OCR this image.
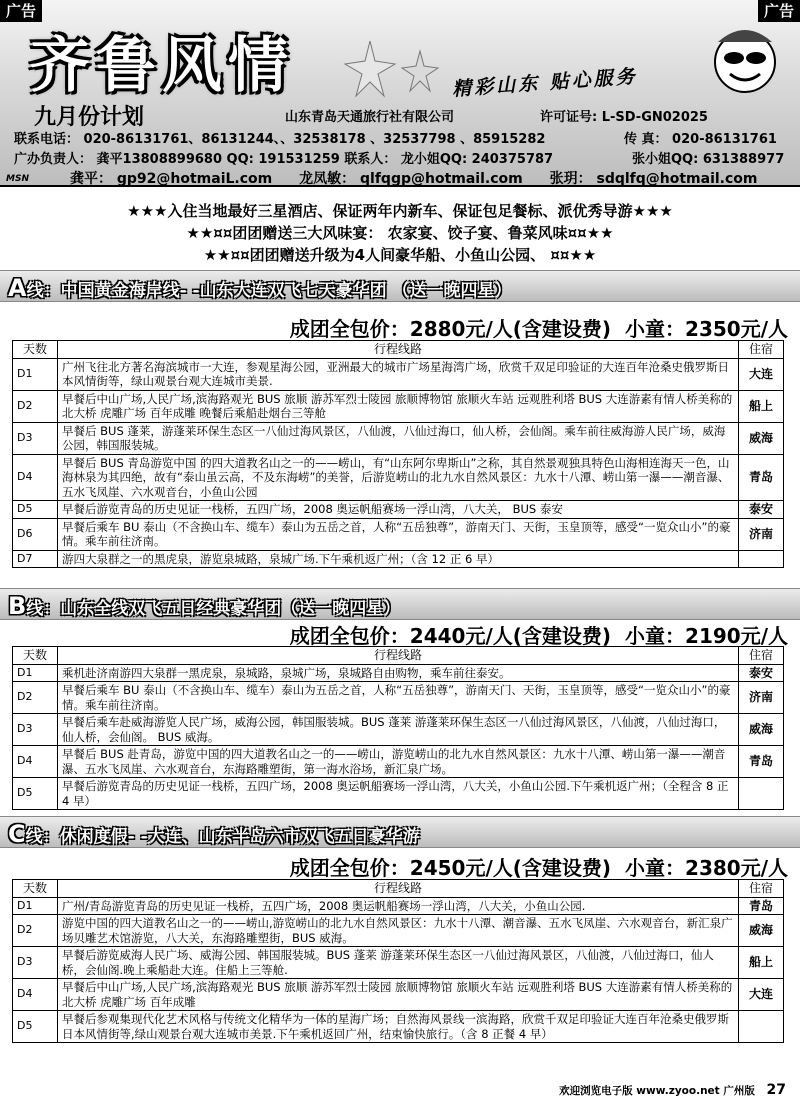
齐鲁风情	精彩山东 贴心服务
九月份计划	山东青岛天通旅行社有限公司	许可证号: L-SD-GN02025
联系电话： 020-86131761、86131244、、32538178 、32537798 、85915282	传 真： 020-86131761
广办负责人： 龚平13808899680 QQ: 191531259 联系人： 龙小姐QQ: 240375787	张小姐QQ: 631388977
龚平： gp92@hotmaiL.com 龙凤敏： qlfqgp@hotmail.com 张玥： sdqlfq@hotmail.com
MSN
广告	广告
★★★入住当地最好三星酒店、保证两年内新车、保证包足餐标、派优秀导游★★★
★★¤¤团团赠送三大风味宴： 农家宴、饺子宴、鲁菜风味¤¤★★
★★¤¤团团赠送升级为4人间豪华船、小鱼山公园、 ¤¤★★
A线：中国黄金海岸线- -山东大连双飞七天豪华团 （送一晚四星）
成团全包价：2880元/人(含建设费) 小童：2350元/人
天数	行程线路	住宿
D1	广州飞往北方著名海滨城市一大连，参观星海公园，亚洲最大的城市广场星海湾广场，欣赏千双足印验证的大连百年沧桑史俄罗斯日本风情街等，绿山观景台观大连城市美景.	大连
D2	早餐后中山广场,人民广场,滨海路观光 BUS 旅顺 游苏军烈士陵园 旅顺博物馆 旅顺火车站 远观胜利塔 BUS 大连游素有情人桥美称的北大桥 虎雕广场 百年成雕 晚餐后乘船赴烟台三等舱	船上
D3	早餐后 BUS 蓬莱，游蓬莱环保生态区一八仙过海风景区，八仙渡，八仙过海口，仙人桥，会仙阁。乘车前往威海游人民广场，威海公园，韩国服装城。	威海
D4	早餐后 BUS 青岛游览中国 的四大道教名山之一的——崂山，有“山东阿尔卑斯山”之称，其自然景观独具特色山海相连海天一色，山海林泉为其四绝，故有“泰山虽云高，不及东海崂”的美誉，后游览崂山的北九水自然风景区：九水十八潭、崂山第一瀑——潮音瀑、五水飞凤崖、六水观音台，小鱼山公园	青岛
D5	早餐后游览青岛的历史见证一栈桥，五四广场，2008 奥运帆船赛场一浮山湾，八大关， BUS 泰安	泰安
D6	早餐后乘车 BU 泰山（不含换山车、缆车）泰山为五岳之首，人称“五岳独尊”，游南天门、天街，玉皇顶等，感受“一览众山小”的豪情。乘车前往济南。	济南
D7	游四大泉群之一的黑虎泉，游览泉城路，泉城广场.下午乘机返广州；（含 12 正 6 早）	
B线：山东全线双飞五日经典豪华团（送一晚四星）
成团全包价：2440元/人(含建设费) 小童：2190元/人
天数	行程线路	住宿
D1	乘机赴济南游四大泉群一黑虎泉，泉城路，泉城广场，泉城路自由购物，乘车前往泰安。	泰安
D2	早餐后乘车 BU 泰山（不含换山车、缆车）泰山为五岳之首，人称“五岳独尊”，游南天门、天街，玉皇顶等，感受“一览众山小”的豪情。乘车前往济南。	济南
D3	早餐后乘车赴威海游览人民广场，威海公园，韩国服装城。BUS 蓬莱 游蓬莱环保生态区一八仙过海风景区，八仙渡，八仙过海口，仙人桥，会仙阁。 BUS 威海。	威海
D4	早餐后 BUS 赴青岛，游览中国的四大道教名山之一的——崂山，游览崂山的北九水自然风景区：九水十八潭、崂山第一瀑——潮音瀑、五水飞凤崖、六水观音台，东海路雕塑街，第一海水浴场，新汇泉广场。	青岛
D5	早餐后游览青岛的历史见证一栈桥，五四广场，2008 奥运帆船赛场一浮山湾，八大关，小鱼山公园.下午乘机返广州；（全程含 8 正 4 早）	
C线：休闲度假- -大连、山东半岛六市双飞五日豪华游
成团全包价：2450元/人(含建设费) 小童：2380元/人
天数	行程线路	住宿
D1	广州/青岛游览青岛的历史见证一栈桥，五四广场，2008 奥运帆船赛场一浮山湾，八大关，小鱼山公园.	青岛
D2	游览中国的四大道教名山之一的——崂山,游览崂山的北九水自然风景区：九水十八潭、潮音瀑、五水飞凤崖、六水观音台，新汇泉广场贝雕艺术馆游览，八大关，东海路雕塑街，BUS 威海。	威海
D3	早餐后游览威海人民广场、威海公园、韩国服装城。BUS 蓬莱 游蓬莱环保生态区一八仙过海风景区，八仙渡，八仙过海口，仙人桥，会仙阁.晚上乘船赴大连。住船上三等舱.	船上
D4	早餐后中山广场,人民广场,滨海路观光 BUS 旅顺 游苏军烈士陵园 旅顺博物馆 旅顺火车站 远观胜利塔 BUS 大连游素有情人桥美称的北大桥 虎雕广场 百年成雕	大连
D5	早餐后参观集现代化艺术风格与传统文化精华为一体的星海广场；自然海风景线一滨海路，欣赏千双足印验证大连百年沧桑史俄罗斯日本风情街等,绿山观景台观大连城市美景.下午乘机返回广州，结束愉快旅行。（含 8 正餐 4 早）	
欢迎浏览电子版 www.zyoo.net 广州版 27
